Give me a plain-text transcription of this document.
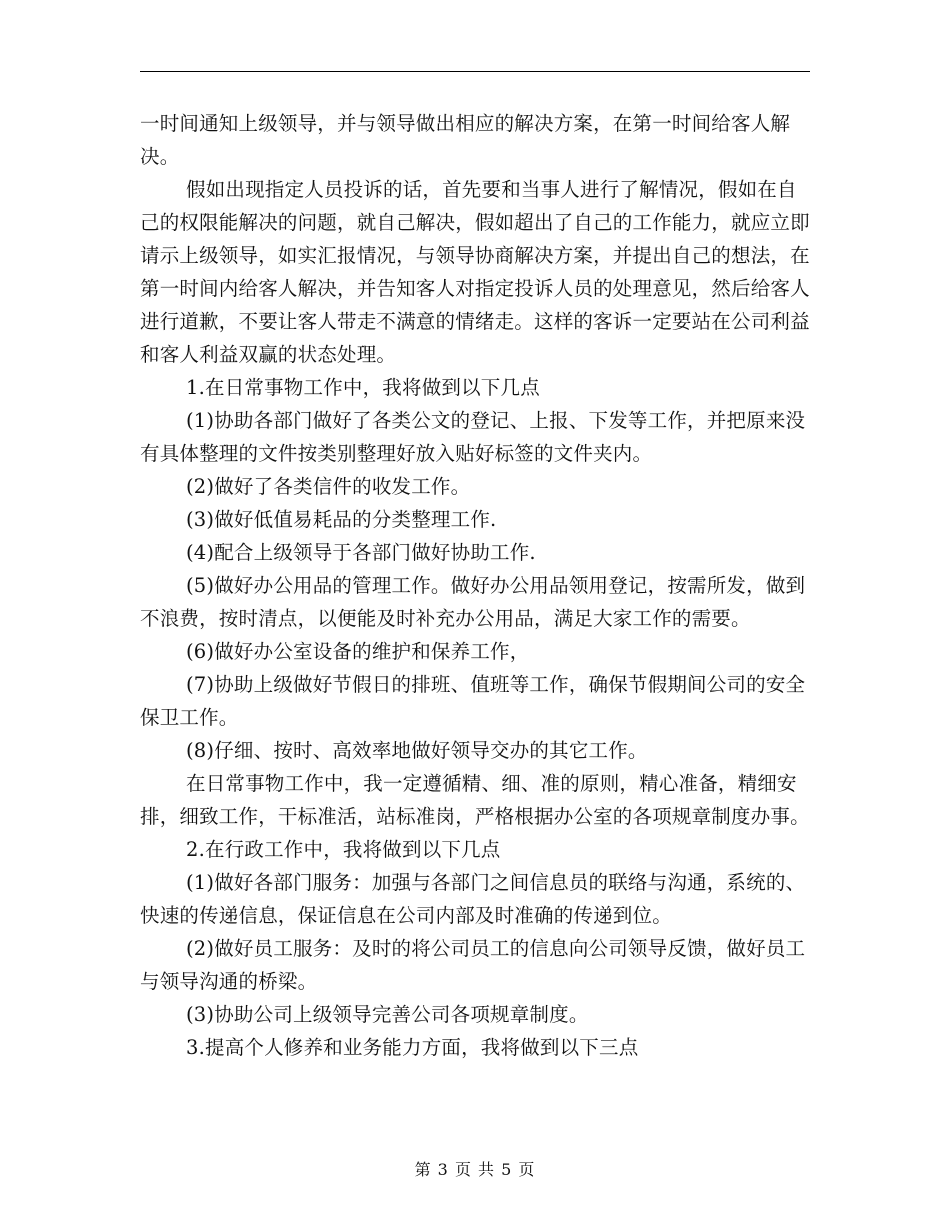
一时间通知上级领导，并与领导做出相应的解决方案，在第一时间给客人解决。

假如出现指定人员投诉的话，首先要和当事人进行了解情况，假如在自己的权限能解决的问题，就自己解决，假如超出了自己的工作能力，就应立即请示上级领导，如实汇报情况，与领导协商解决方案，并提出自己的想法，在第一时间内给客人解决，并告知客人对指定投诉人员的处理意见，然后给客人进行道歉，不要让客人带走不满意的情绪走。这样的客诉一定要站在公司利益和客人利益双赢的状态处理。

1.在日常事物工作中，我将做到以下几点

(1)协助各部门做好了各类公文的登记、上报、下发等工作，并把原来没有具体整理的文件按类别整理好放入贴好标签的文件夹内。

(2)做好了各类信件的收发工作。

(3)做好低值易耗品的分类整理工作.

(4)配合上级领导于各部门做好协助工作.

(5)做好办公用品的管理工作。做好办公用品领用登记，按需所发，做到不浪费，按时清点，以便能及时补充办公用品，满足大家工作的需要。

(6)做好办公室设备的维护和保养工作，

(7)协助上级做好节假日的排班、值班等工作，确保节假期间公司的安全保卫工作。

(8)仔细、按时、高效率地做好领导交办的其它工作。

在日常事物工作中，我一定遵循精、细、准的原则，精心准备，精细安排，细致工作，干标准活，站标准岗，严格根据办公室的各项规章制度办事。

2.在行政工作中，我将做到以下几点

(1)做好各部门服务：加强与各部门之间信息员的联络与沟通，系统的、快速的传递信息，保证信息在公司内部及时准确的传递到位。

(2)做好员工服务：及时的将公司员工的信息向公司领导反馈，做好员工与领导沟通的桥梁。

(3)协助公司上级领导完善公司各项规章制度。

3.提高个人修养和业务能力方面，我将做到以下三点

第 3 页 共 5 页
